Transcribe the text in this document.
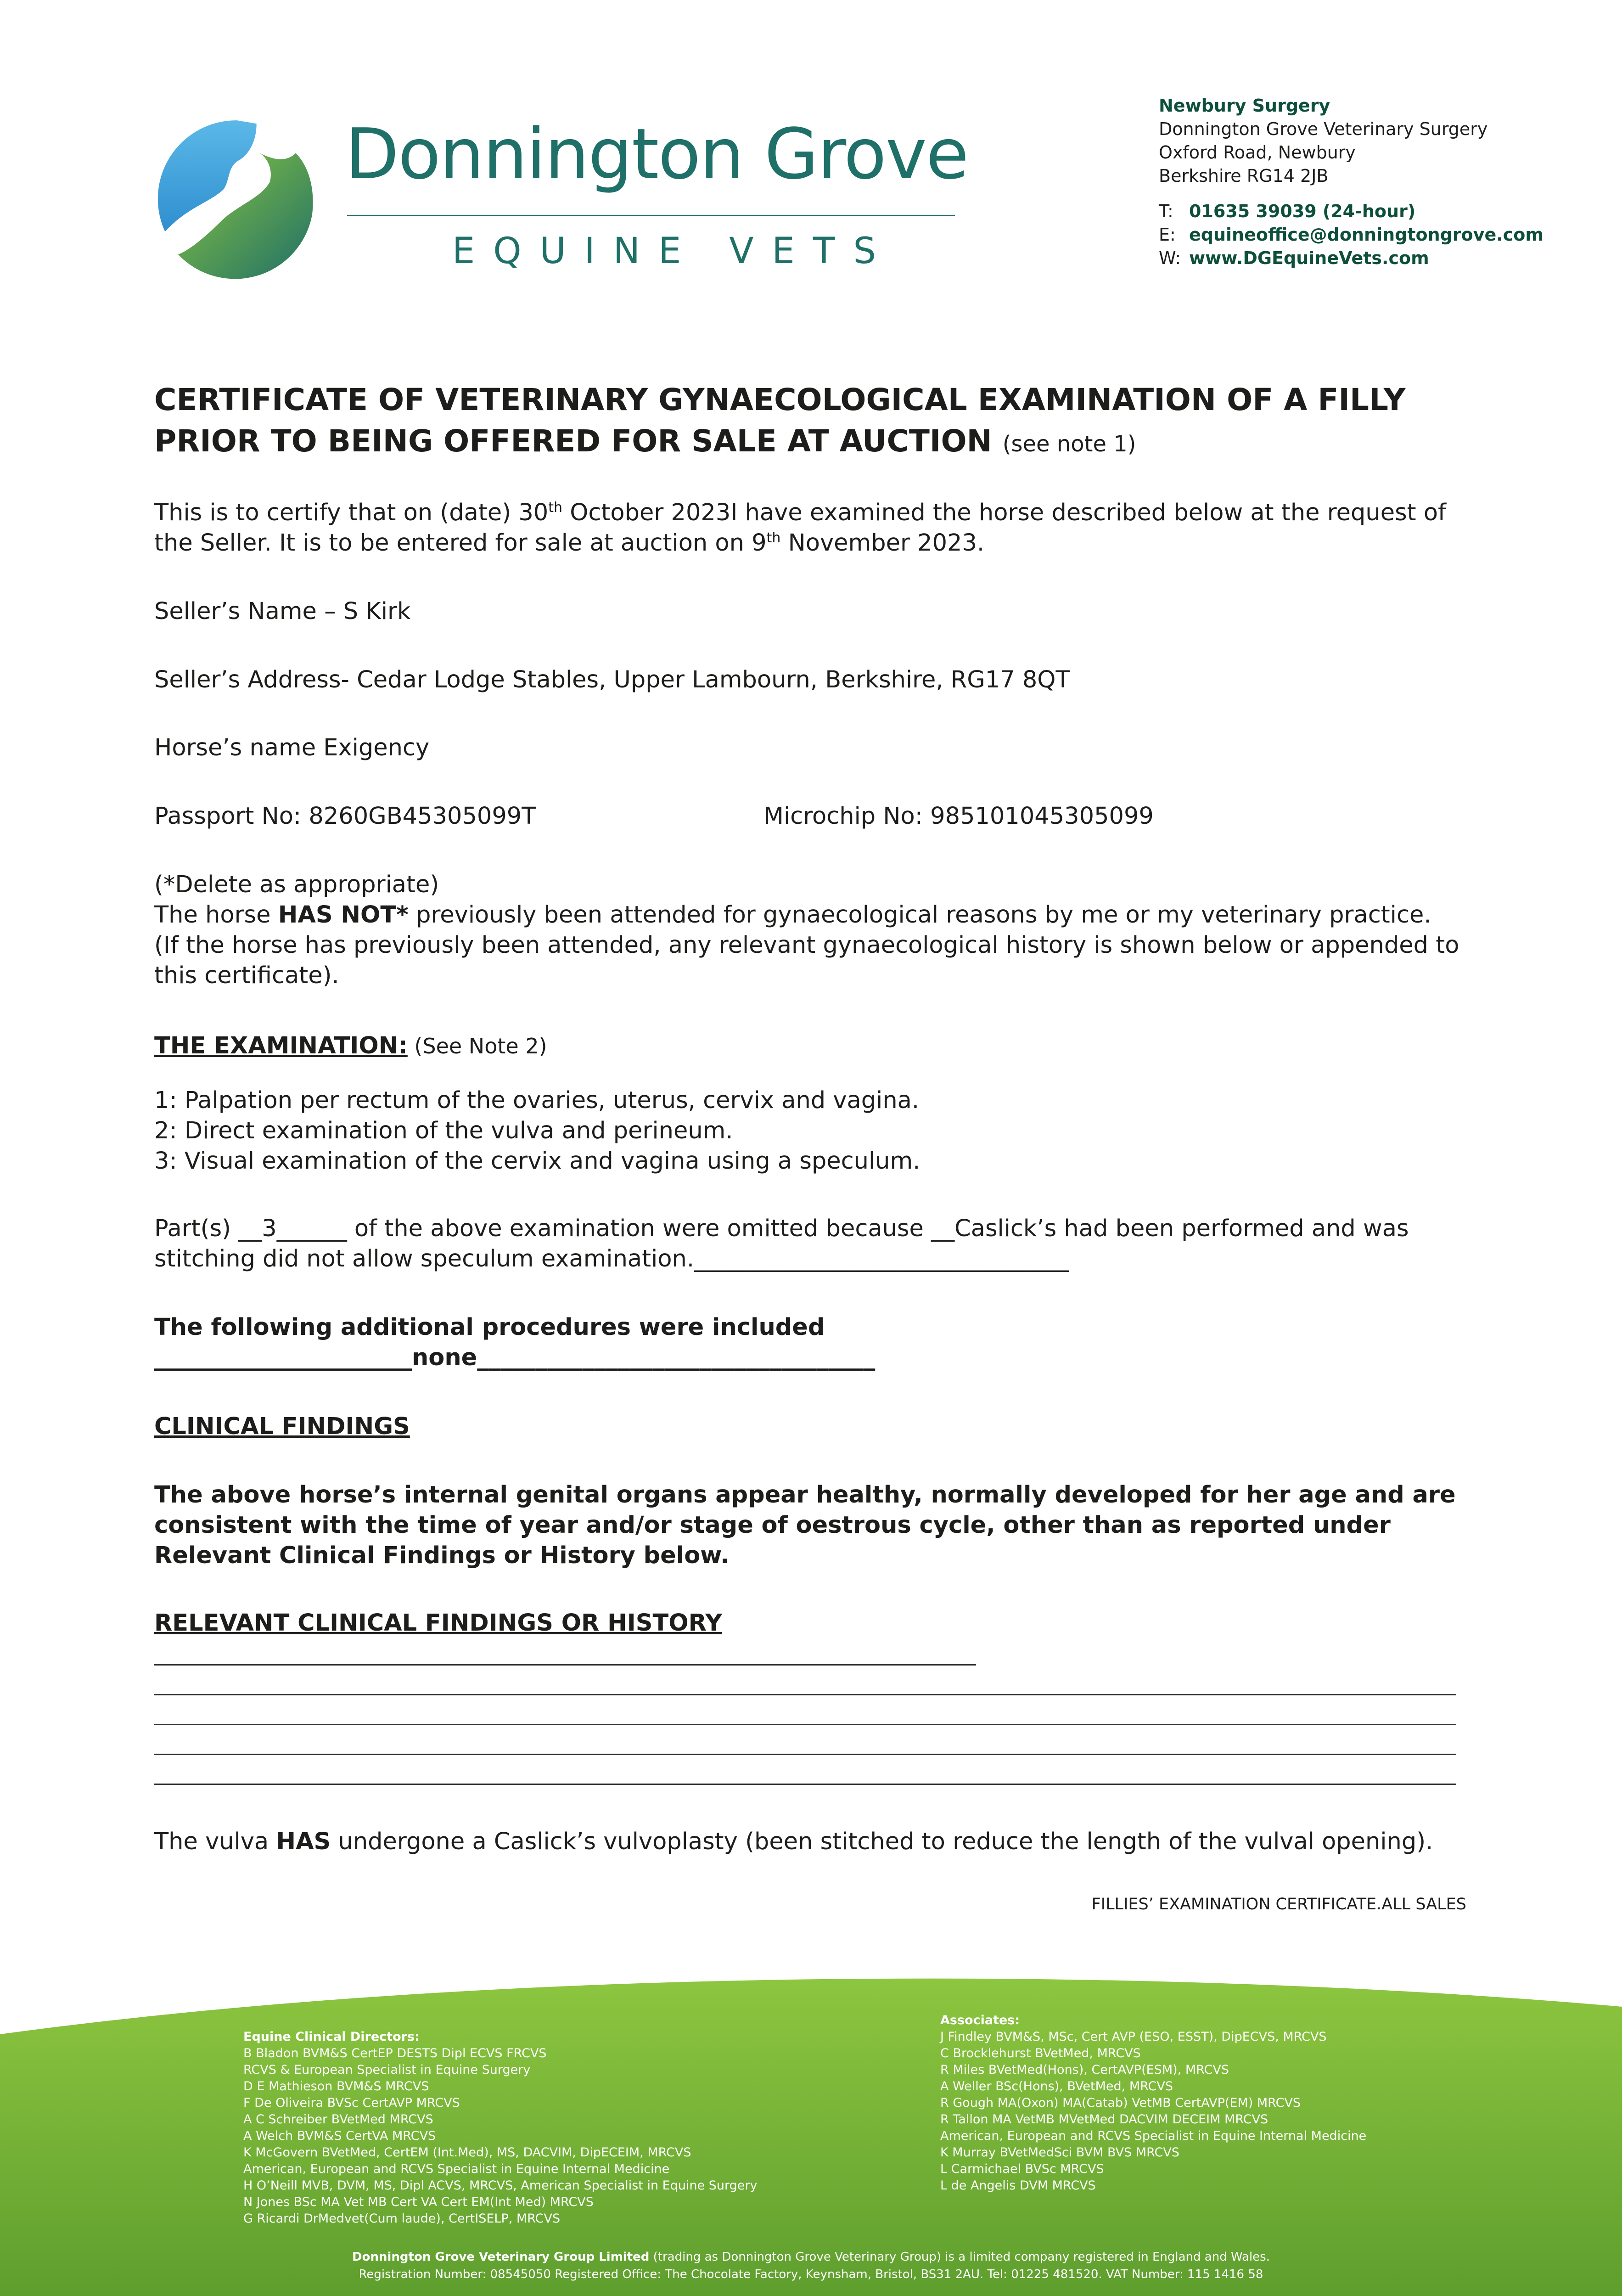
Donnington Grove
EQUINE VETS
Newbury Surgery
Donnington Grove Veterinary Surgery
Oxford Road, Newbury
Berkshire RG14 2JB
T: 01635 39039 (24-hour)
E: equineoffice@donningtongrove.com
W: www.DGEquineVets.com
CERTIFICATE OF VETERINARY GYNAECOLOGICAL EXAMINATION OF A FILLY PRIOR TO BEING OFFERED FOR SALE AT AUCTION (see note 1)
This is to certify that on (date) 30th October 2023I have examined the horse described below at the request of the Seller. It is to be entered for sale at auction on 9th November 2023.
Seller’s Name – S Kirk
Seller’s Address- Cedar Lodge Stables, Upper Lambourn, Berkshire, RG17 8QT
Horse’s name Exigency
Passport No: 8260GB45305099T	Microchip No: 985101045305099
(*Delete as appropriate)
The horse HAS NOT* previously been attended for gynaecological reasons by me or my veterinary practice.
(If the horse has previously been attended, any relevant gynaecological history is shown below or appended to this certificate).
THE EXAMINATION: (See Note 2)
1: Palpation per rectum of the ovaries, uterus, cervix and vagina.
2: Direct examination of the vulva and perineum.
3: Visual examination of the cervix and vagina using a speculum.
Part(s) __3______ of the above examination were omitted because __Caslick’s had been performed and was stitching did not allow speculum examination.________________________________
The following additional procedures were included
______________________none__________________________________
CLINICAL FINDINGS
The above horse’s internal genital organs appear healthy, normally developed for her age and are consistent with the time of year and/or stage of oestrous cycle, other than as reported under Relevant Clinical Findings or History below.
RELEVANT CLINICAL FINDINGS OR HISTORY
The vulva HAS undergone a Caslick’s vulvoplasty (been stitched to reduce the length of the vulval opening).
FILLIES’ EXAMINATION CERTIFICATE.ALL SALES
Equine Clinical Directors:
B Bladon BVM&S CertEP DESTS Dipl ECVS FRCVS
RCVS & European Specialist in Equine Surgery
D E Mathieson BVM&S MRCVS
F De Oliveira BVSc CertAVP MRCVS
A C Schreiber BVetMed MRCVS
A Welch BVM&S CertVA MRCVS
K McGovern BVetMed, CertEM (Int.Med), MS, DACVIM, DipECEIM, MRCVS
American, European and RCVS Specialist in Equine Internal Medicine
H O’Neill MVB, DVM, MS, Dipl ACVS, MRCVS, American Specialist in Equine Surgery
N Jones BSc MA Vet MB Cert VA Cert EM(Int Med) MRCVS
G Ricardi DrMedvet(Cum laude), CertISELP, MRCVS
Associates:
J Findley BVM&S, MSc, Cert AVP (ESO, ESST), DipECVS, MRCVS
C Brocklehurst BVetMed, MRCVS
R Miles BVetMed(Hons), CertAVP(ESM), MRCVS
A Weller BSc(Hons), BVetMed, MRCVS
R Gough MA(Oxon) MA(Catab) VetMB CertAVP(EM) MRCVS
R Tallon MA VetMB MVetMed DACVIM DECEIM MRCVS
American, European and RCVS Specialist in Equine Internal Medicine
K Murray BVetMedSci BVM BVS MRCVS
L Carmichael BVSc MRCVS
L de Angelis DVM MRCVS
Donnington Grove Veterinary Group Limited (trading as Donnington Grove Veterinary Group) is a limited company registered in England and Wales.
Registration Number: 08545050 Registered Office: The Chocolate Factory, Keynsham, Bristol, BS31 2AU. Tel: 01225 481520. VAT Number: 115 1416 58
